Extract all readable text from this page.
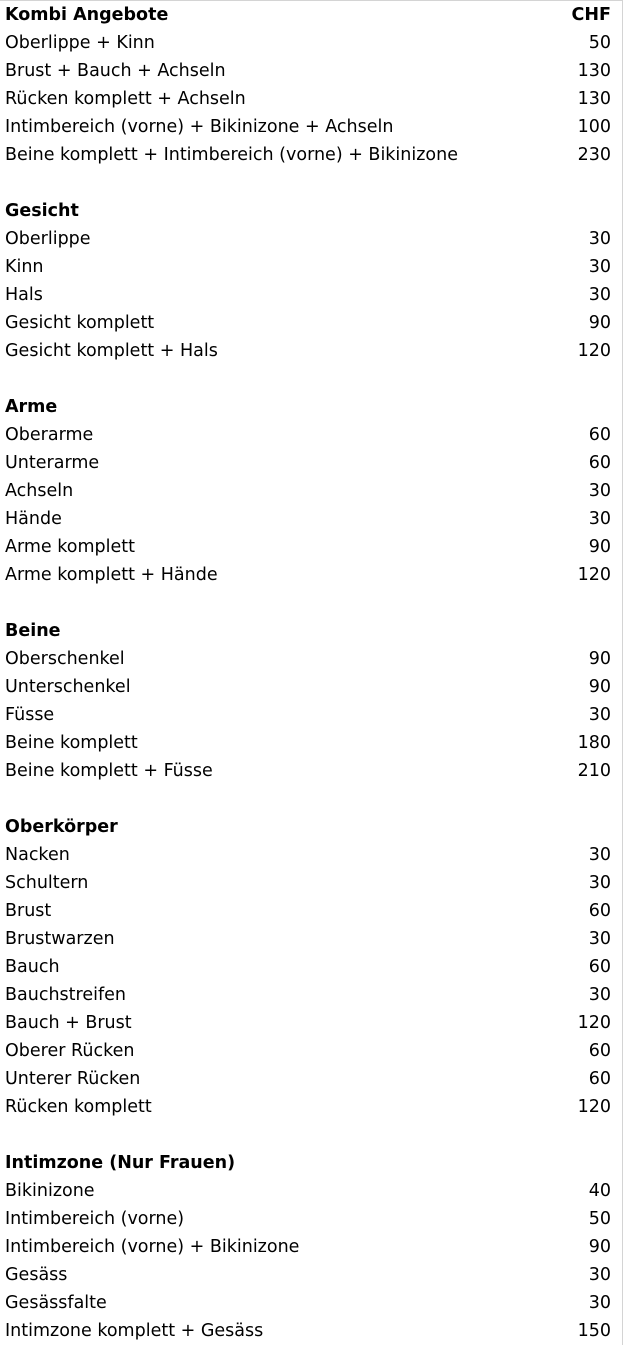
Kombi Angebote	CHF
Oberlippe + Kinn	50
Brust + Bauch + Achseln	130
Rücken komplett + Achseln	130
Intimbereich (vorne) + Bikinizone + Achseln	100
Beine komplett + Intimbereich (vorne) + Bikinizone	230
Gesicht
Oberlippe	30
Kinn	30
Hals	30
Gesicht komplett	90
Gesicht komplett + Hals	120
Arme
Oberarme	60
Unterarme	60
Achseln	30
Hände	30
Arme komplett	90
Arme komplett + Hände	120
Beine
Oberschenkel	90
Unterschenkel	90
Füsse	30
Beine komplett	180
Beine komplett + Füsse	210
Oberkörper
Nacken	30
Schultern	30
Brust	60
Brustwarzen	30
Bauch	60
Bauchstreifen	30
Bauch + Brust	120
Oberer Rücken	60
Unterer Rücken	60
Rücken komplett	120
Intimzone (Nur Frauen)
Bikinizone	40
Intimbereich (vorne)	50
Intimbereich (vorne) + Bikinizone	90
Gesäss	30
Gesässfalte	30
Intimzone komplett + Gesäss	150
